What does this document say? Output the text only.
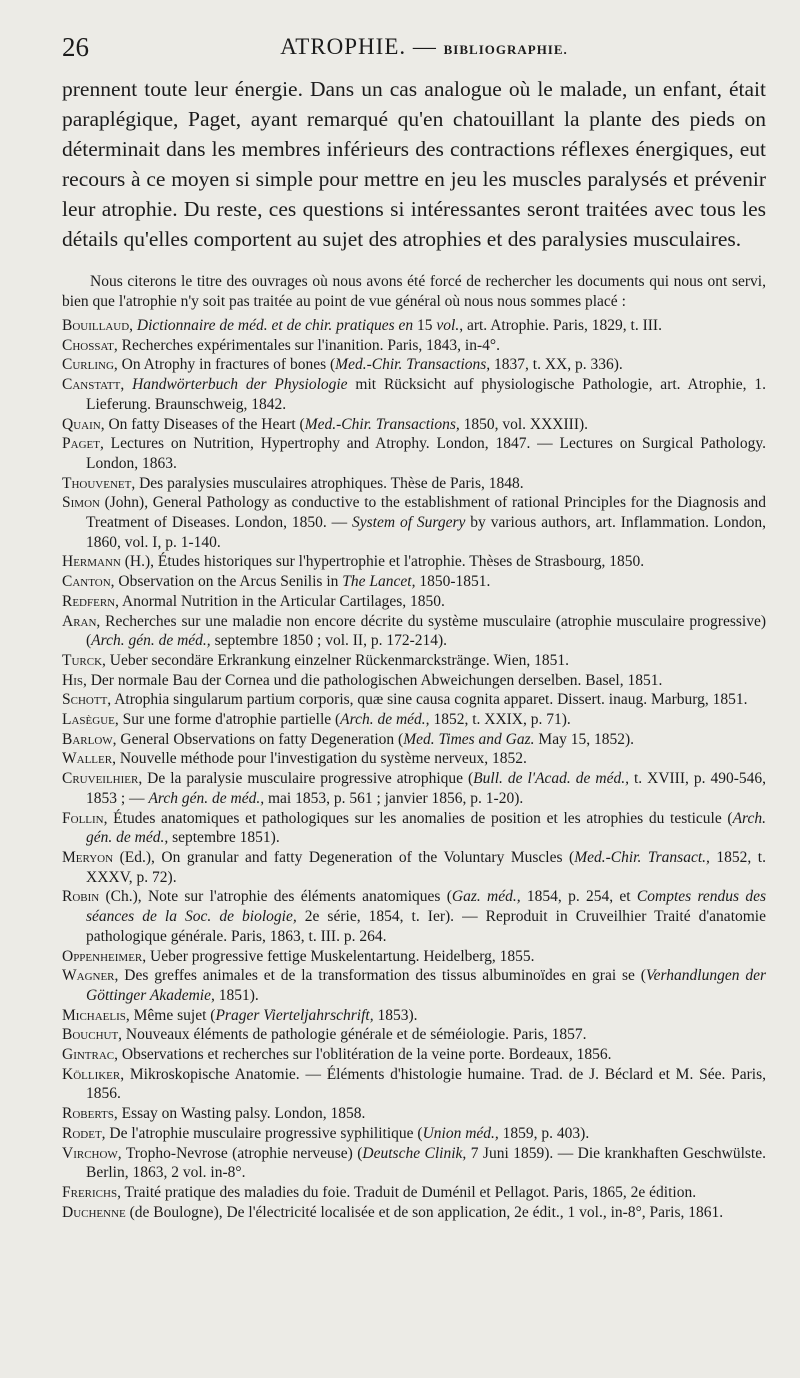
26	ATROPHIE. — BIBLIOGRAPHIE.

prennent toute leur énergie. Dans un cas analogue où le malade, un enfant, était paraplégique, Paget, ayant remarqué qu'en chatouillant la plante des pieds on déterminait dans les membres inférieurs des contractions réflexes énergiques, eut recours à ce moyen si simple pour mettre en jeu les muscles paralysés et prévenir leur atrophie. Du reste, ces questions si intéressantes seront traitées avec tous les détails qu'elles comportent au sujet des atrophies et des paralysies musculaires.

Nous citerons le titre des ouvrages où nous avons été forcé de rechercher les documents qui nous ont servi, bien que l'atrophie n'y soit pas traitée au point de vue général où nous nous sommes placé :

Bouillaud, Dictionnaire de méd. et de chir. pratiques en 15 vol., art. Atrophie. Paris, 1829, t. III.
Chossat, Recherches expérimentales sur l'inanition. Paris, 1843, in-4°.
Curling, On Atrophy in fractures of bones (Med.-Chir. Transactions, 1837, t. XX, p. 336).
Canstatt, Handwörterbuch der Physiologie mit Rücksicht auf physiologische Pathologie, art. Atrophie, 1. Lieferung. Braunschweig, 1842.
Quain, On fatty Diseases of the Heart (Med.-Chir. Transactions, 1850, vol. XXXIII).
Paget, Lectures on Nutrition, Hypertrophy and Atrophy. London, 1847. — Lectures on Surgical Pathology. London, 1863.
Thouvenet, Des paralysies musculaires atrophiques. Thèse de Paris, 1848.
Simon (John), General Pathology as conductive to the establishment of rational Principles for the Diagnosis and Treatment of Diseases. London, 1850. — System of Surgery by various authors, art. Inflammation. London, 1860, vol. I, p. 1-140.
Hermann (H.), Études historiques sur l'hypertrophie et l'atrophie. Thèses de Strasbourg, 1850.
Canton, Observation on the Arcus Senilis in The Lancet, 1850-1851.
Redfern, Anormal Nutrition in the Articular Cartilages, 1850.
Aran, Recherches sur une maladie non encore décrite du système musculaire (atrophie musculaire progressive) (Arch. gén. de méd., septembre 1850 ; vol. II, p. 172-214).
Turck, Ueber secondäre Erkrankung einzelner Rückenmarckstränge. Wien, 1851.
His, Der normale Bau der Cornea und die pathologischen Abweichungen derselben. Basel, 1851.
Schott, Atrophia singularum partium corporis, quæ sine causa cognita apparet. Dissert. inaug. Marburg, 1851.
Lasègue, Sur une forme d'atrophie partielle (Arch. de méd., 1852, t. XXIX, p. 71).
Barlow, General Observations on fatty Degeneration (Med. Times and Gaz. May 15, 1852).
Waller, Nouvelle méthode pour l'investigation du système nerveux, 1852.
Cruveilhier, De la paralysie musculaire progressive atrophique (Bull. de l'Acad. de méd., t. XVIII, p. 490-546, 1853 ; — Arch gén. de méd., mai 1853, p. 561 ; janvier 1856, p. 1-20).
Follin, Études anatomiques et pathologiques sur les anomalies de position et les atrophies du testicule (Arch. gén. de méd., septembre 1851).
Meryon (Ed.), On granular and fatty Degeneration of the Voluntary Muscles (Med.-Chir. Transact., 1852, t. XXXV, p. 72).
Robin (Ch.), Note sur l'atrophie des éléments anatomiques (Gaz. méd., 1854, p. 254, et Comptes rendus des séances de la Soc. de biologie, 2e série, 1854, t. Ier). — Reproduit in Cruveilhier Traité d'anatomie pathologique générale. Paris, 1863, t. III. p. 264.
Oppenheimer, Ueber progressive fettige Muskelentartung. Heidelberg, 1855.
Wagner, Des greffes animales et de la transformation des tissus albuminoïdes en grai se (Verhandlungen der Göttinger Akademie, 1851).
Michaelis, Même sujet (Prager Vierteljahrschrift, 1853).
Bouchut, Nouveaux éléments de pathologie générale et de séméiologie. Paris, 1857.
Gintrac, Observations et recherches sur l'oblitération de la veine porte. Bordeaux, 1856.
Kölliker, Mikroskopische Anatomie. — Éléments d'histologie humaine. Trad. de J. Béclard et M. Sée. Paris, 1856.
Roberts, Essay on Wasting palsy. London, 1858.
Rodet, De l'atrophie musculaire progressive syphilitique (Union méd., 1859, p. 403).
Virchow, Tropho-Nevrose (atrophie nerveuse) (Deutsche Clinik, 7 Juni 1859). — Die krankhaften Geschwülste. Berlin, 1863, 2 vol. in-8°.
Frerichs, Traité pratique des maladies du foie. Traduit de Duménil et Pellagot. Paris, 1865, 2e édition.
Duchenne (de Boulogne), De l'électricité localisée et de son application, 2e édit., 1 vol., in-8°, Paris, 1861.
